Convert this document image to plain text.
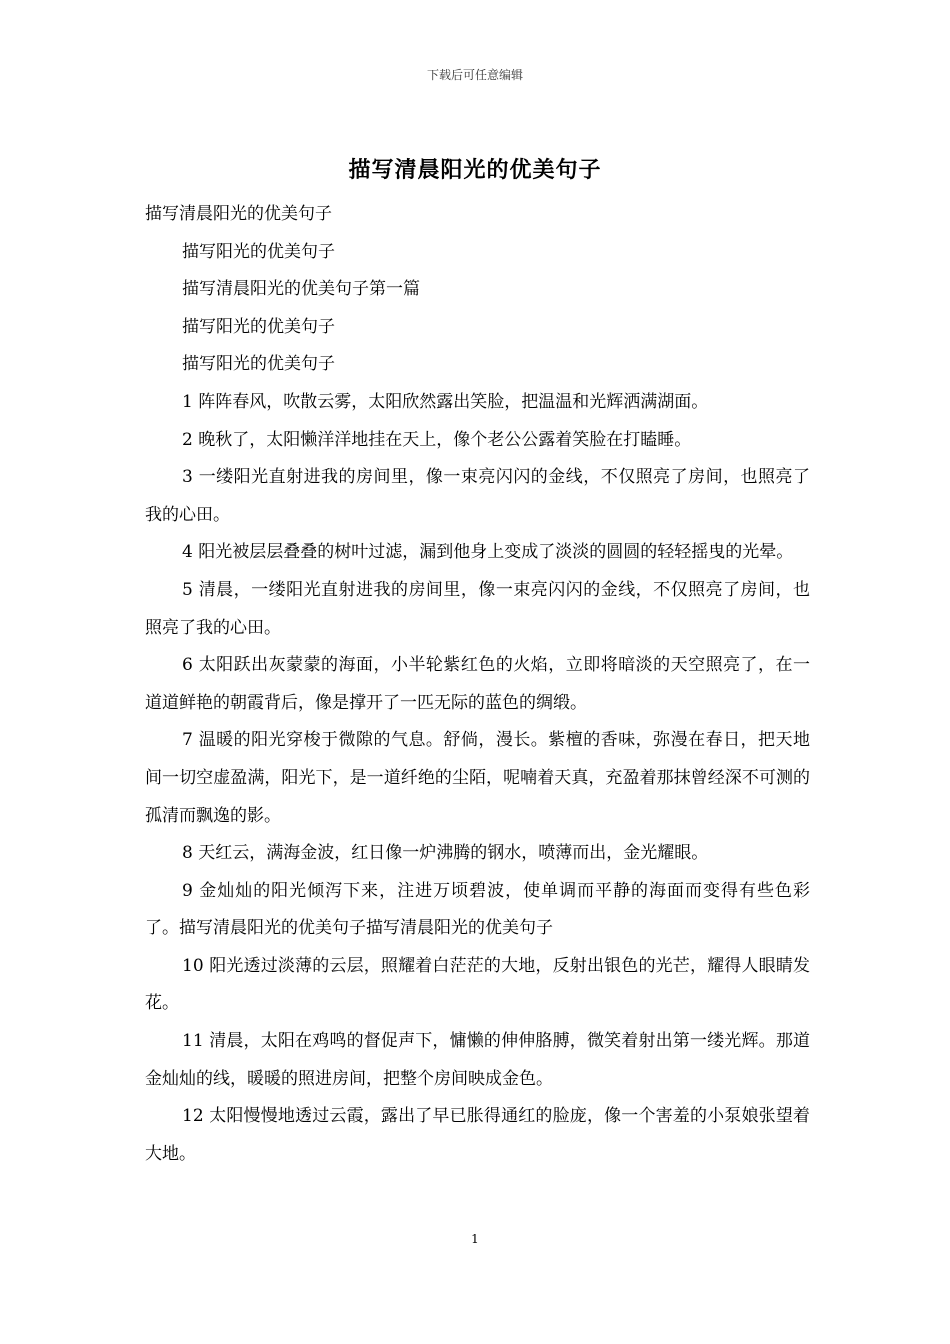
下载后可任意编辑
描写清晨阳光的优美句子

描写清晨阳光的优美句子

描写阳光的优美句子

描写清晨阳光的优美句子第一篇

描写阳光的优美句子

描写阳光的优美句子

1 阵阵春风，吹散云雾，太阳欣然露出笑脸，把温温和光辉洒满湖面。

2 晚秋了，太阳懒洋洋地挂在天上，像个老公公露着笑脸在打瞌睡。

3 一缕阳光直射进我的房间里，像一束亮闪闪的金线，不仅照亮了房间，也照亮了我的心田。

4 阳光被层层叠叠的树叶过滤，漏到他身上变成了淡淡的圆圆的轻轻摇曳的光晕。

5 清晨，一缕阳光直射进我的房间里，像一束亮闪闪的金线，不仅照亮了房间，也照亮了我的心田。

6 太阳跃出灰蒙蒙的海面，小半轮紫红色的火焰，立即将暗淡的天空照亮了，在一道道鲜艳的朝霞背后，像是撑开了一匹无际的蓝色的绸缎。

7 温暖的阳光穿梭于微隙的气息。舒倘，漫长。紫檀的香味，弥漫在春日，把天地间一切空虚盈满，阳光下，是一道纤绝的尘陌，呢喃着天真，充盈着那抹曾经深不可测的孤清而飘逸的影。

8 天红云，满海金波，红日像一炉沸腾的钢水，喷薄而出，金光耀眼。

9 金灿灿的阳光倾泻下来，注进万顷碧波，使单调而平静的海面而变得有些色彩了。描写清晨阳光的优美句子描写清晨阳光的优美句子

10 阳光透过淡薄的云层，照耀着白茫茫的大地，反射出银色的光芒，耀得人眼睛发花。

11 清晨，太阳在鸡鸣的督促声下，慵懒的伸伸胳膊，微笑着射出第一缕光辉。那道金灿灿的线，暖暖的照进房间，把整个房间映成金色。

12 太阳慢慢地透过云霞，露出了早已胀得通红的脸庞，像一个害羞的小泵娘张望着大地。

1
